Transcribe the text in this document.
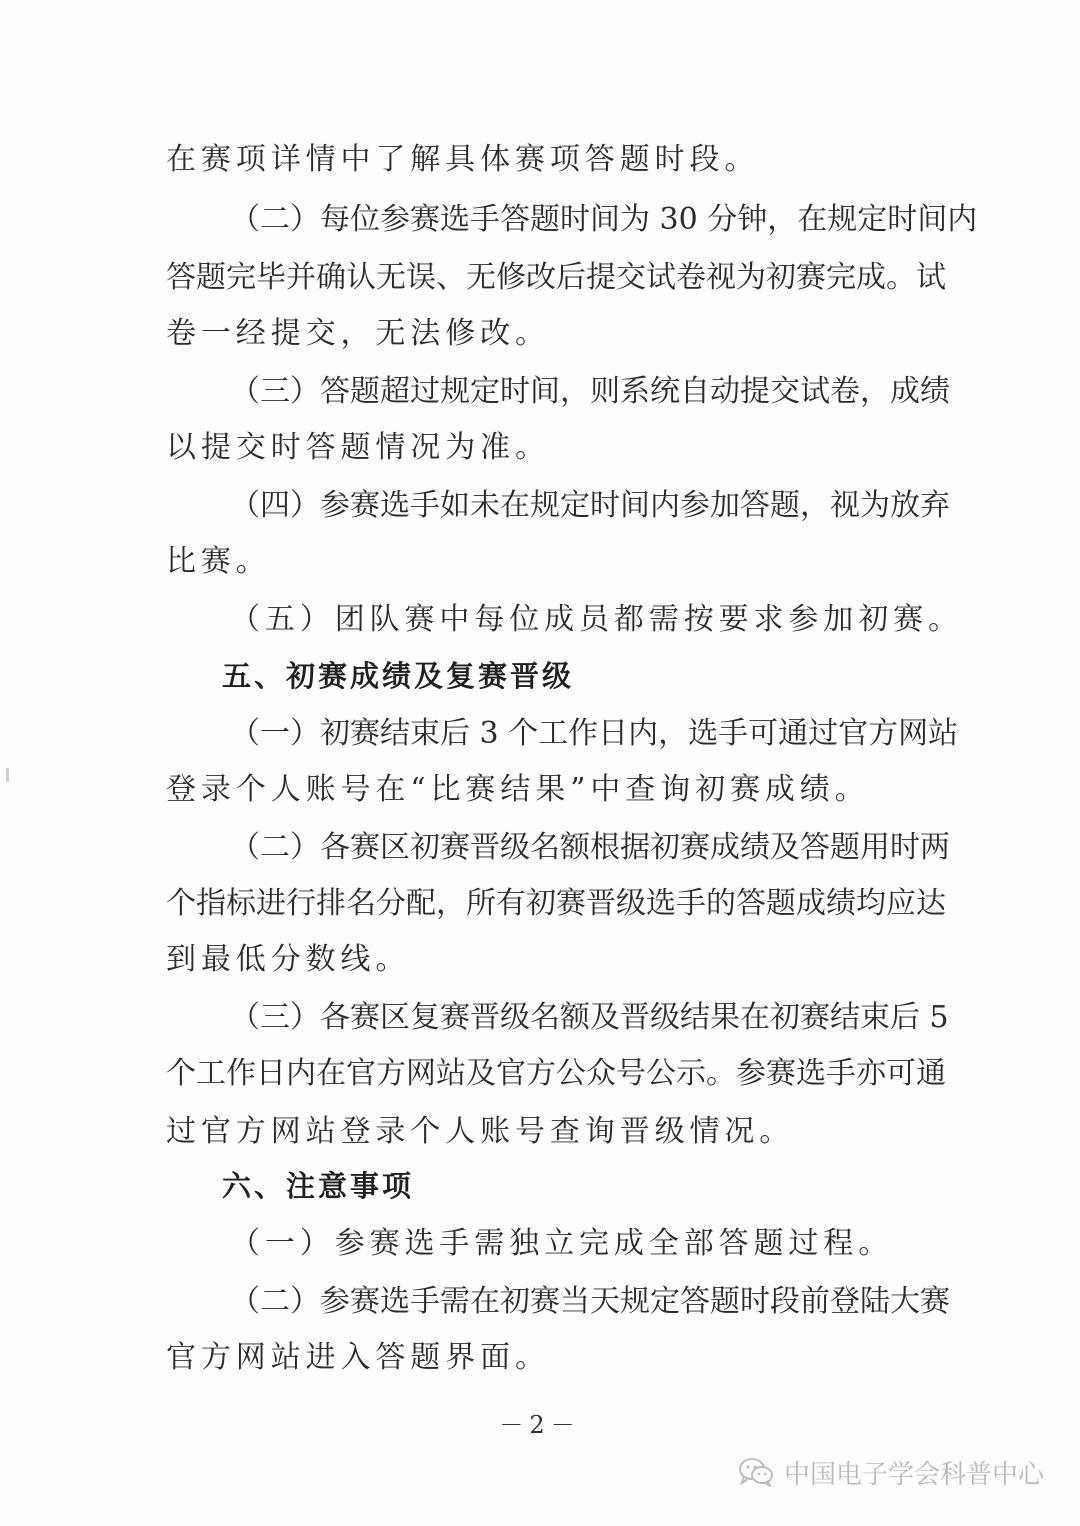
在赛项详情中了解具体赛项答题时段。
（二）每位参赛选手答题时间为 30 分钟，在规定时间内
答题完毕并确认无误、无修改后提交试卷视为初赛完成。试
卷一经提交，无法修改。
（三）答题超过规定时间，则系统自动提交试卷，成绩
以提交时答题情况为准。
（四）参赛选手如未在规定时间内参加答题，视为放弃
比赛。
（五）团队赛中每位成员都需按要求参加初赛。
五、初赛成绩及复赛晋级
（一）初赛结束后 3 个工作日内，选手可通过官方网站
登录个人账号在“比赛结果”中查询初赛成绩。
（二）各赛区初赛晋级名额根据初赛成绩及答题用时两
个指标进行排名分配，所有初赛晋级选手的答题成绩均应达
到最低分数线。
（三）各赛区复赛晋级名额及晋级结果在初赛结束后 5
个工作日内在官方网站及官方公众号公示。参赛选手亦可通
过官方网站登录个人账号查询晋级情况。
六、注意事项
（一）参赛选手需独立完成全部答题过程。
（二）参赛选手需在初赛当天规定答题时段前登陆大赛
官方网站进入答题界面。
－2－
中国电子学会科普中心
